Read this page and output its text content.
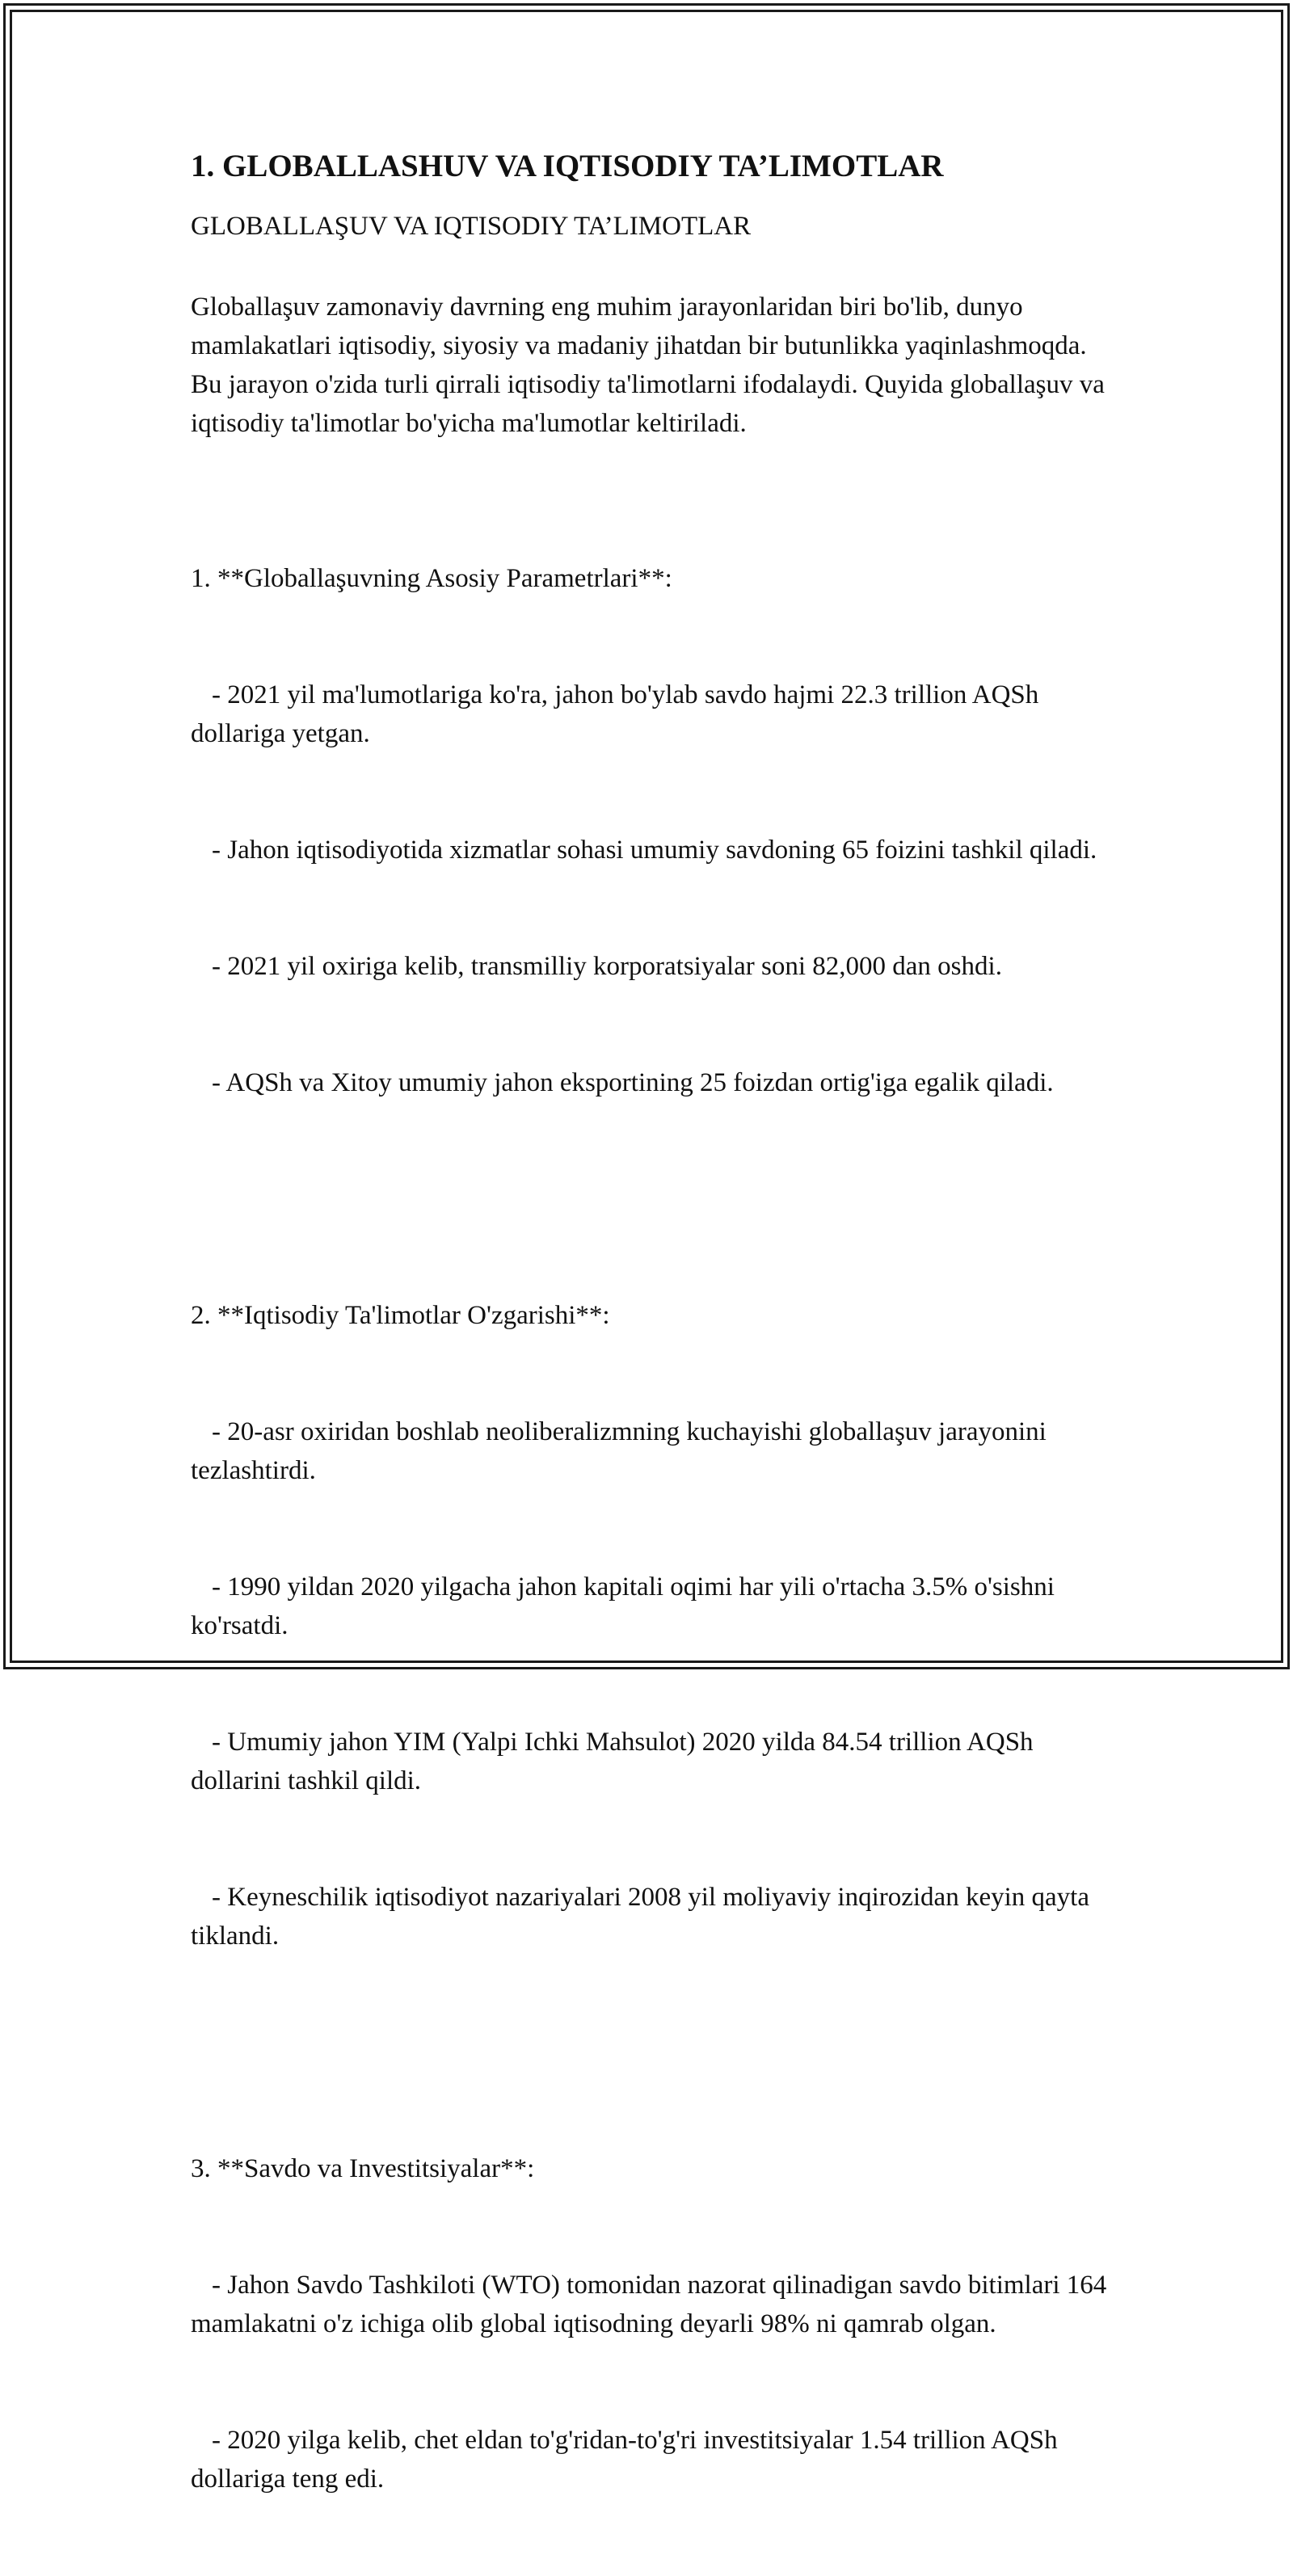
1. GLOBALLASHUV VA IQTISODIY TA’LIMOTLAR
GLOBALLAŞUV VA IQTISODIY TA’LIMOTLAR
Globallaşuv zamonaviy davrning eng muhim jarayonlaridan biri bo'lib, dunyo mamlakatlari iqtisodiy, siyosiy va madaniy jihatdan bir butunlikka yaqinlashmoqda. Bu jarayon o'zida turli qirrali iqtisodiy ta'limotlarni ifodalaydi. Quyida globallaşuv va iqtisodiy ta'limotlar bo'yicha ma'lumotlar keltiriladi.

1. **Globallaşuvning Asosiy Parametrlari**:

- 2021 yil ma'lumotlariga ko'ra, jahon bo'ylab savdo hajmi 22.3 trillion AQSh dollariga yetgan.

- Jahon iqtisodiyotida xizmatlar sohasi umumiy savdoning 65 foizini tashkil qiladi.

- 2021 yil oxiriga kelib, transmilliy korporatsiyalar soni 82,000 dan oshdi.

- AQSh va Xitoy umumiy jahon eksportining 25 foizdan ortig'iga egalik qiladi.

2. **Iqtisodiy Ta'limotlar O'zgarishi**:

- 20-asr oxiridan boshlab neoliberalizmning kuchayishi globallaşuv jarayonini tezlashtirdi.

- 1990 yildan 2020 yilgacha jahon kapitali oqimi har yili o'rtacha 3.5% o'sishni ko'rsatdi.

- Umumiy jahon YIM (Yalpi Ichki Mahsulot) 2020 yilda 84.54 trillion AQSh dollarini tashkil qildi.

- Keyneschilik iqtisodiyot nazariyalari 2008 yil moliyaviy inqirozidan keyin qayta tiklandi.

3. **Savdo va Investitsiyalar**:

- Jahon Savdo Tashkiloti (WTO) tomonidan nazorat qilinadigan savdo bitimlari 164 mamlakatni o'z ichiga olib global iqtisodning deyarli 98% ni qamrab olgan.

- 2020 yilga kelib, chet eldan to'g'ridan-to'g'ri investitsiyalar 1.54 trillion AQSh dollariga teng edi.
